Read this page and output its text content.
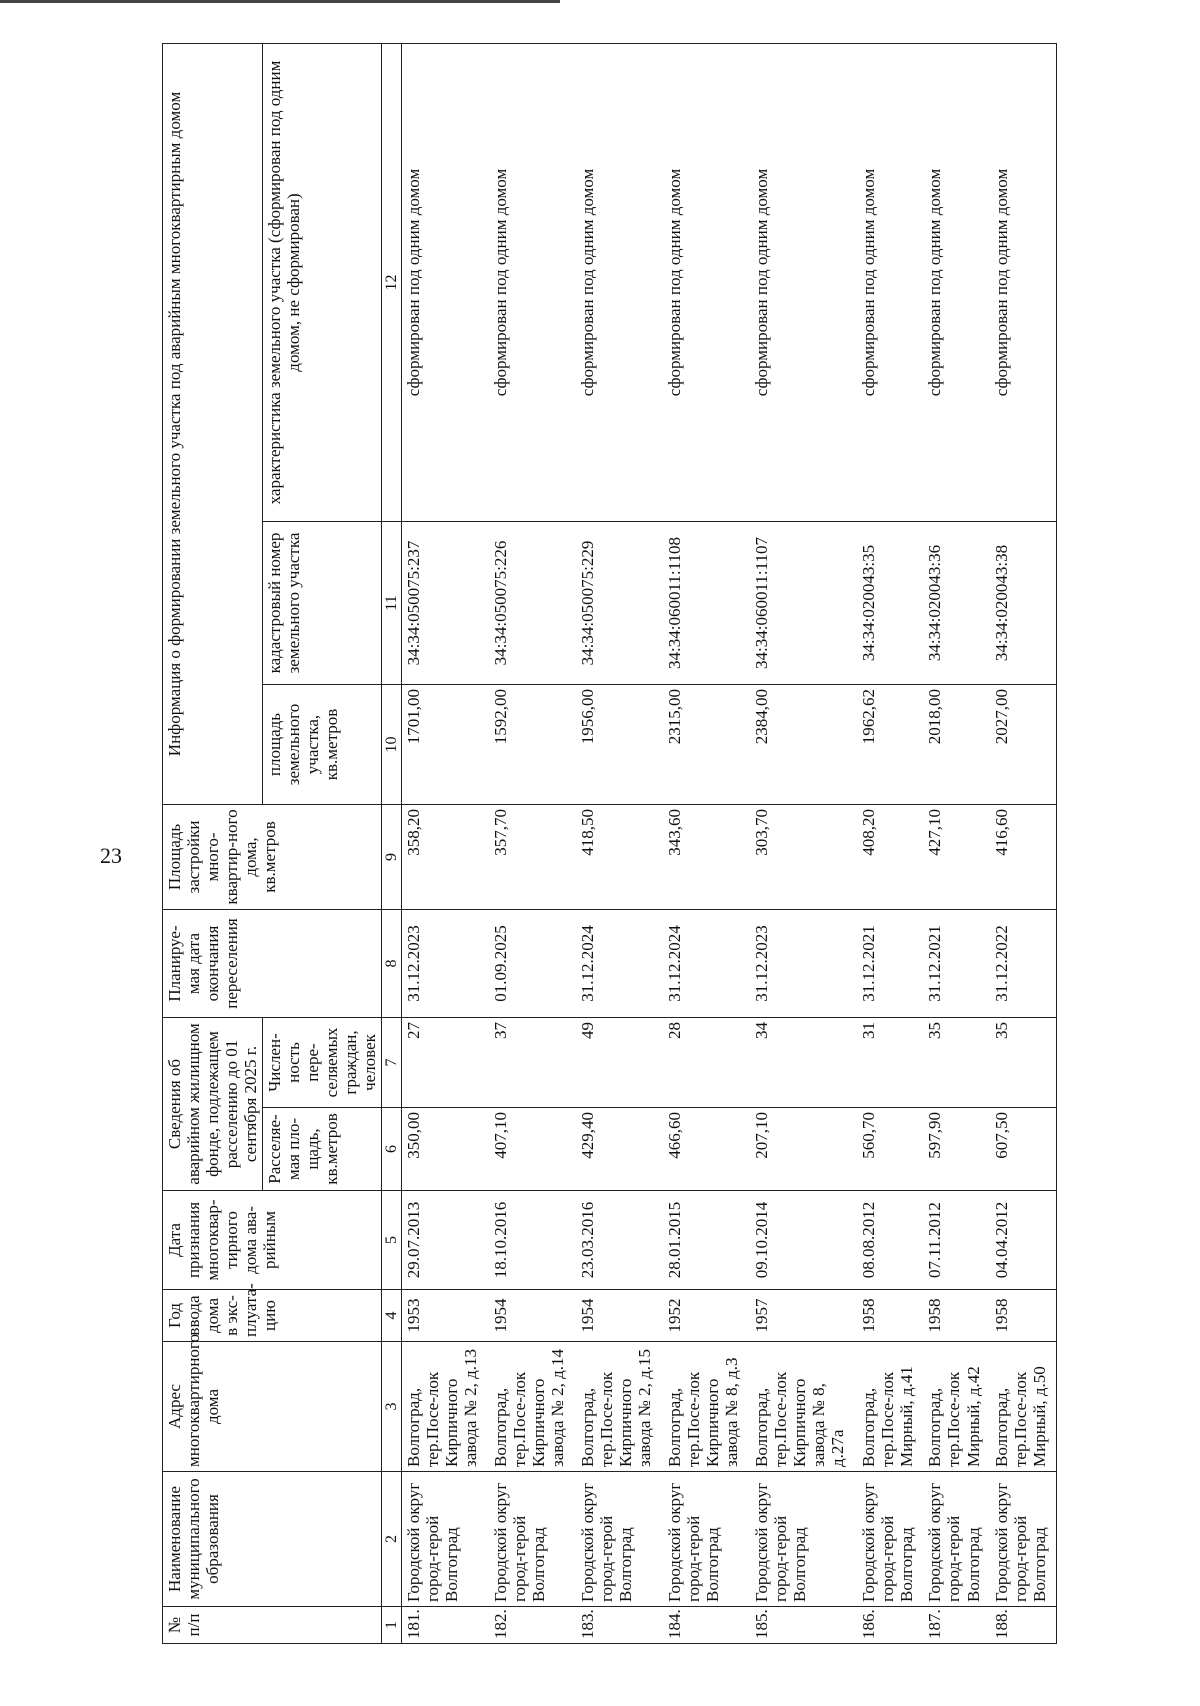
23
№ п/п	Наименование муниципального образования	Адрес многоквартирного дома	Год ввода дома в экс-плуата-цию	Дата признания многоквар-тирного дома ава-рийным	Сведения об аварийном жилищном фонде, подлежащем расселению до 01 сентября 2025 г.		Планируе-мая дата окончания переселения	Площадь застройки много-квартир-ного дома, кв.метров	Информация о формировании земельного участка под аварийным многоквартирным домом		
					Расселяе-мая пло-щадь, кв.метров	Числен-ность пере-селяемых граждан, человек			площадь земельного участка, кв.метров	кадастровый номер земельного участка	характеристика земельного участка (сформирован под одним домом, не сформирован)
1	2	3	4	5	6	7	8	9	10	11	12
181.	Городской округ город-герой Волгоград	Волгоград, тер.Посе-лок Кирпичного завода № 2, д.13	1953	29.07.2013	350,00	27	31.12.2023	358,20	1701,00	34:34:050075:237	сформирован под одним домом
182.	Городской округ город-герой Волгоград	Волгоград, тер.Посе-лок Кирпичного завода № 2, д.14	1954	18.10.2016	407,10	37	01.09.2025	357,70	1592,00	34:34:050075:226	сформирован под одним домом
183.	Городской округ город-герой Волгоград	Волгоград, тер.Посе-лок Кирпичного завода № 2, д.15	1954	23.03.2016	429,40	49	31.12.2024	418,50	1956,00	34:34:050075:229	сформирован под одним домом
184.	Городской округ город-герой Волгоград	Волгоград, тер.Посе-лок Кирпичного завода № 8, д.3	1952	28.01.2015	466,60	28	31.12.2024	343,60	2315,00	34:34:060011:1108	сформирован под одним домом
185.	Городской округ город-герой Волгоград	Волгоград, тер.Посе-лок Кирпичного завода № 8, д.27а	1957	09.10.2014	207,10	34	31.12.2023	303,70	2384,00	34:34:060011:1107	сформирован под одним домом
186.	Городской округ город-герой Волгоград	Волгоград, тер.Посе-лок Мирный, д.41	1958	08.08.2012	560,70	31	31.12.2021	408,20	1962,62	34:34:020043:35	сформирован под одним домом
187.	Городской округ город-герой Волгоград	Волгоград, тер.Посе-лок Мирный, д.42	1958	07.11.2012	597,90	35	31.12.2021	427,10	2018,00	34:34:020043:36	сформирован под одним домом
188.	Городской округ город-герой Волгоград	Волгоград, тер.Посе-лок Мирный, д.50	1958	04.04.2012	607,50	35	31.12.2022	416,60	2027,00	34:34:020043:38	сформирован под одним домом
